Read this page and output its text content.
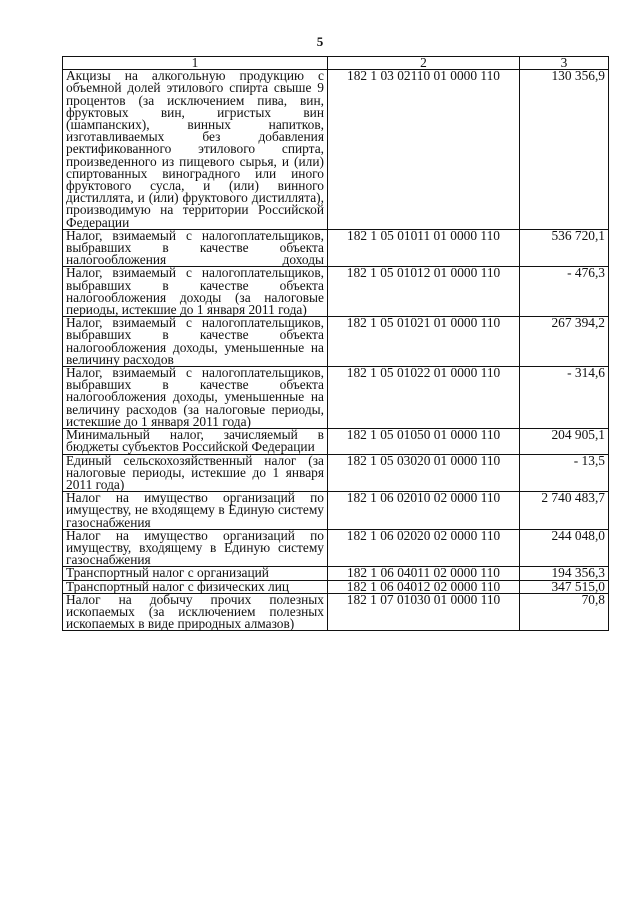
5
1	2	3
Акцизы на алкогольную продукцию с объемной долей этилового спирта свыше 9 процентов (за исключением пива, вин, фруктовых вин, игристых вин (шампанских), винных напитков, изготавливаемых без добавления ректификованного этилового спирта, произведенного из пищевого сырья, и (или) спиртованных виноградного или иного фруктового сусла, и (или) винного дистиллята, и (или) фруктового дистиллята), производимую на территории Российской Федерации	182 1 03 02110 01 0000 110	130 356,9
Налог, взимаемый с налогоплательщиков, выбравших в качестве объекта налогообложения доходы	182 1 05 01011 01 0000 110	536 720,1
Налог, взимаемый с налогоплательщиков, выбравших в качестве объекта налогообложения доходы (за налоговые периоды, истекшие до 1 января 2011 года)	182 1 05 01012 01 0000 110	- 476,3
Налог, взимаемый с налогоплательщиков, выбравших в качестве объекта налогообложения доходы, уменьшенные на величину расходов	182 1 05 01021 01 0000 110	267 394,2
Налог, взимаемый с налогоплательщиков, выбравших в качестве объекта налогообложения доходы, уменьшенные на величину расходов (за налоговые периоды, истекшие до 1 января 2011 года)	182 1 05 01022 01 0000 110	- 314,6
Минимальный налог, зачисляемый в бюджеты субъектов Российской Федерации	182 1 05 01050 01 0000 110	204 905,1
Единый сельскохозяйственный налог (за налоговые периоды, истекшие до 1 января 2011 года)	182 1 05 03020 01 0000 110	- 13,5
Налог на имущество организаций по имуществу, не входящему в Единую систему газоснабжения	182 1 06 02010 02 0000 110	2 740 483,7
Налог на имущество организаций по имуществу, входящему в Единую систему газоснабжения	182 1 06 02020 02 0000 110	244 048,0
Транспортный налог с организаций	182 1 06 04011 02 0000 110	194 356,3
Транспортный налог с физических лиц	182 1 06 04012 02 0000 110	347 515,0
Налог на добычу прочих полезных ископаемых (за исключением полезных ископаемых в виде природных алмазов)	182 1 07 01030 01 0000 110	70,8
